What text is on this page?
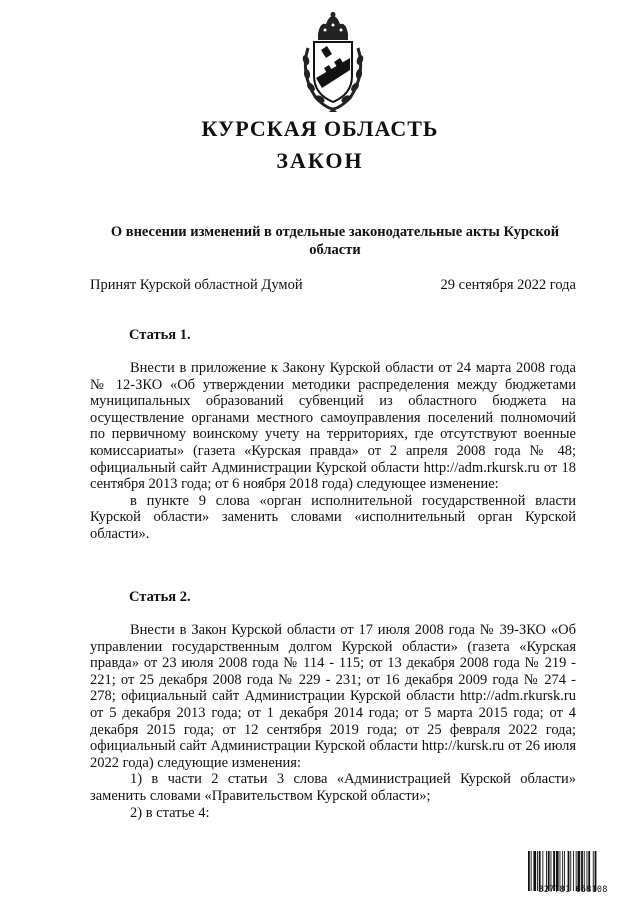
КУРСКАЯ ОБЛАСТЬ
ЗАКОН
О внесении изменений в отдельные законодательные акты Курской области
Принят Курской областной Думой	29 сентября 2022 года
Статья 1.

Внести в приложение к Закону Курской области от 24 марта 2008 года № 12-ЗКО «Об утверждении методики распределения между бюджетами муниципальных образований субвенций из областного бюджета на осуществление органами местного самоуправления поселений полномочий по первичному воинскому учету на территориях, где отсутствуют военные комиссариаты» (газета «Курская правда» от 2 апреля 2008 года № 48; официальный сайт Администрации Курской области http://adm.rkursk.ru от 18 сентября 2013 года; от 6 ноября 2018 года) следующее изменение:

в пункте 9 слова «орган исполнительной государственной власти Курской области» заменить словами «исполнительный орган Курской области».

Статья 2.

Внести в Закон Курской области от 17 июля 2008 года № 39-ЗКО «Об управлении государственным долгом Курской области» (газета «Курская правда» от 23 июля 2008 года № 114 - 115; от 13 декабря 2008 года № 219 - 221; от 25 декабря 2008 года № 229 - 231; от 16 декабря 2009 года № 274 - 278; официальный сайт Администрации Курской области http://adm.rkursk.ru от 5 декабря 2013 года; от 1 декабря 2014 года; от 5 марта 2015 года; от 4 декабря 2015 года; от 12 сентября 2019 года; от 25 февраля 2022 года; официальный сайт Администрации Курской области http://kursk.ru от 26 июля 2022 года) следующие изменения:

1) в части 2 статьи 3 слова «Администрацией Курской области» заменить словами «Правительством Курской области»;

2) в статье 4:

327781 658108
